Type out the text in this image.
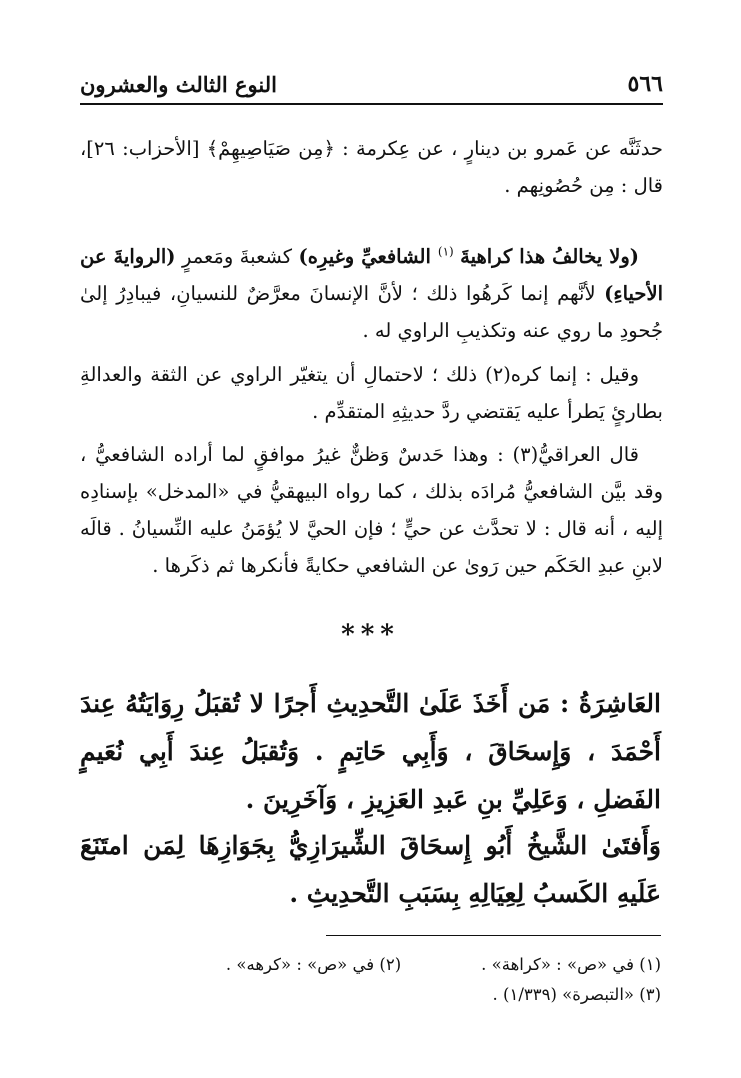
٥٦٦
النوع الثالث والعشرون

حدثَنَّه عن عَمرو بن دينارٍ ، عن عِكرمة : ﴿مِن صَيَاصِيهِمْ﴾ [الأحزاب: ٢٦]، قال : مِن حُصُونِهم .

(ولا يخالفُ هذا كراهيةَ $^{(١)}$ الشافعيِّ وغيرِه) كشعبةَ ومَعمرٍ (الروايةَ عن الأحياءِ) لأنَّهم إنما كَرهُوا ذلك ؛ لأنَّ الإنسانَ معرَّضٌ للنسيانِ، فيبادِرُ إلىٰ جُحودِ ما روي عنه وتكذيبِ الراوي له .

وقيل : إنما كره(٢) ذلك ؛ لاحتمالِ أن يتغيّر الراوي عن الثقة والعدالةِ بطارئٍ يَطرأ عليه يَقتضي ردَّ حديثِهِ المتقدِّم .

قال العراقيُّ(٣) : وهذا حَدسٌ وَظنٌّ غيرُ موافقٍ لما أراده الشافعيُّ ، وقد بيَّن الشافعيُّ مُرادَه بذلك ، كما رواه البيهقيُّ في «المدخل» بإسنادِه إليه ، أنه قال : لا تحدَّث عن حيٍّ ؛ فإن الحيَّ لا يُؤمَنُ عليه النِّسيانُ . قالَه لابنِ عبدِ الحَكَم حين رَوىٰ عن الشافعي حكايةً فأنكرها ثم ذكَرها .

***

العَاشِرَةُ : مَن أَخَذَ عَلَىٰ التَّحدِيثِ أَجرًا لا تُقبَلُ رِوَايَتُهُ عِندَ أَحْمَدَ ، وَإِسحَاقَ ، وَأَبِي حَاتِمٍ . وَتُقبَلُ عِندَ أَبِي نُعَيمٍ الفَضلِ ، وَعَلِيِّ بنِ عَبدِ العَزِيزِ ، وَآخَرِينَ .

وَأَفتَىٰ الشَّيخُ أَبُو إِسحَاقَ الشِّيرَازِيُّ بِجَوَازِهَا لِمَن امتَنَعَ عَلَيهِ الكَسبُ لِعِيَالِهِ بِسَبَبِ التَّحدِيثِ .

(١) في «ص» : «كراهة» .
(٢) في «ص» : «كرهه» .
(٣) «التبصرة» (١/٣٣٩) .
